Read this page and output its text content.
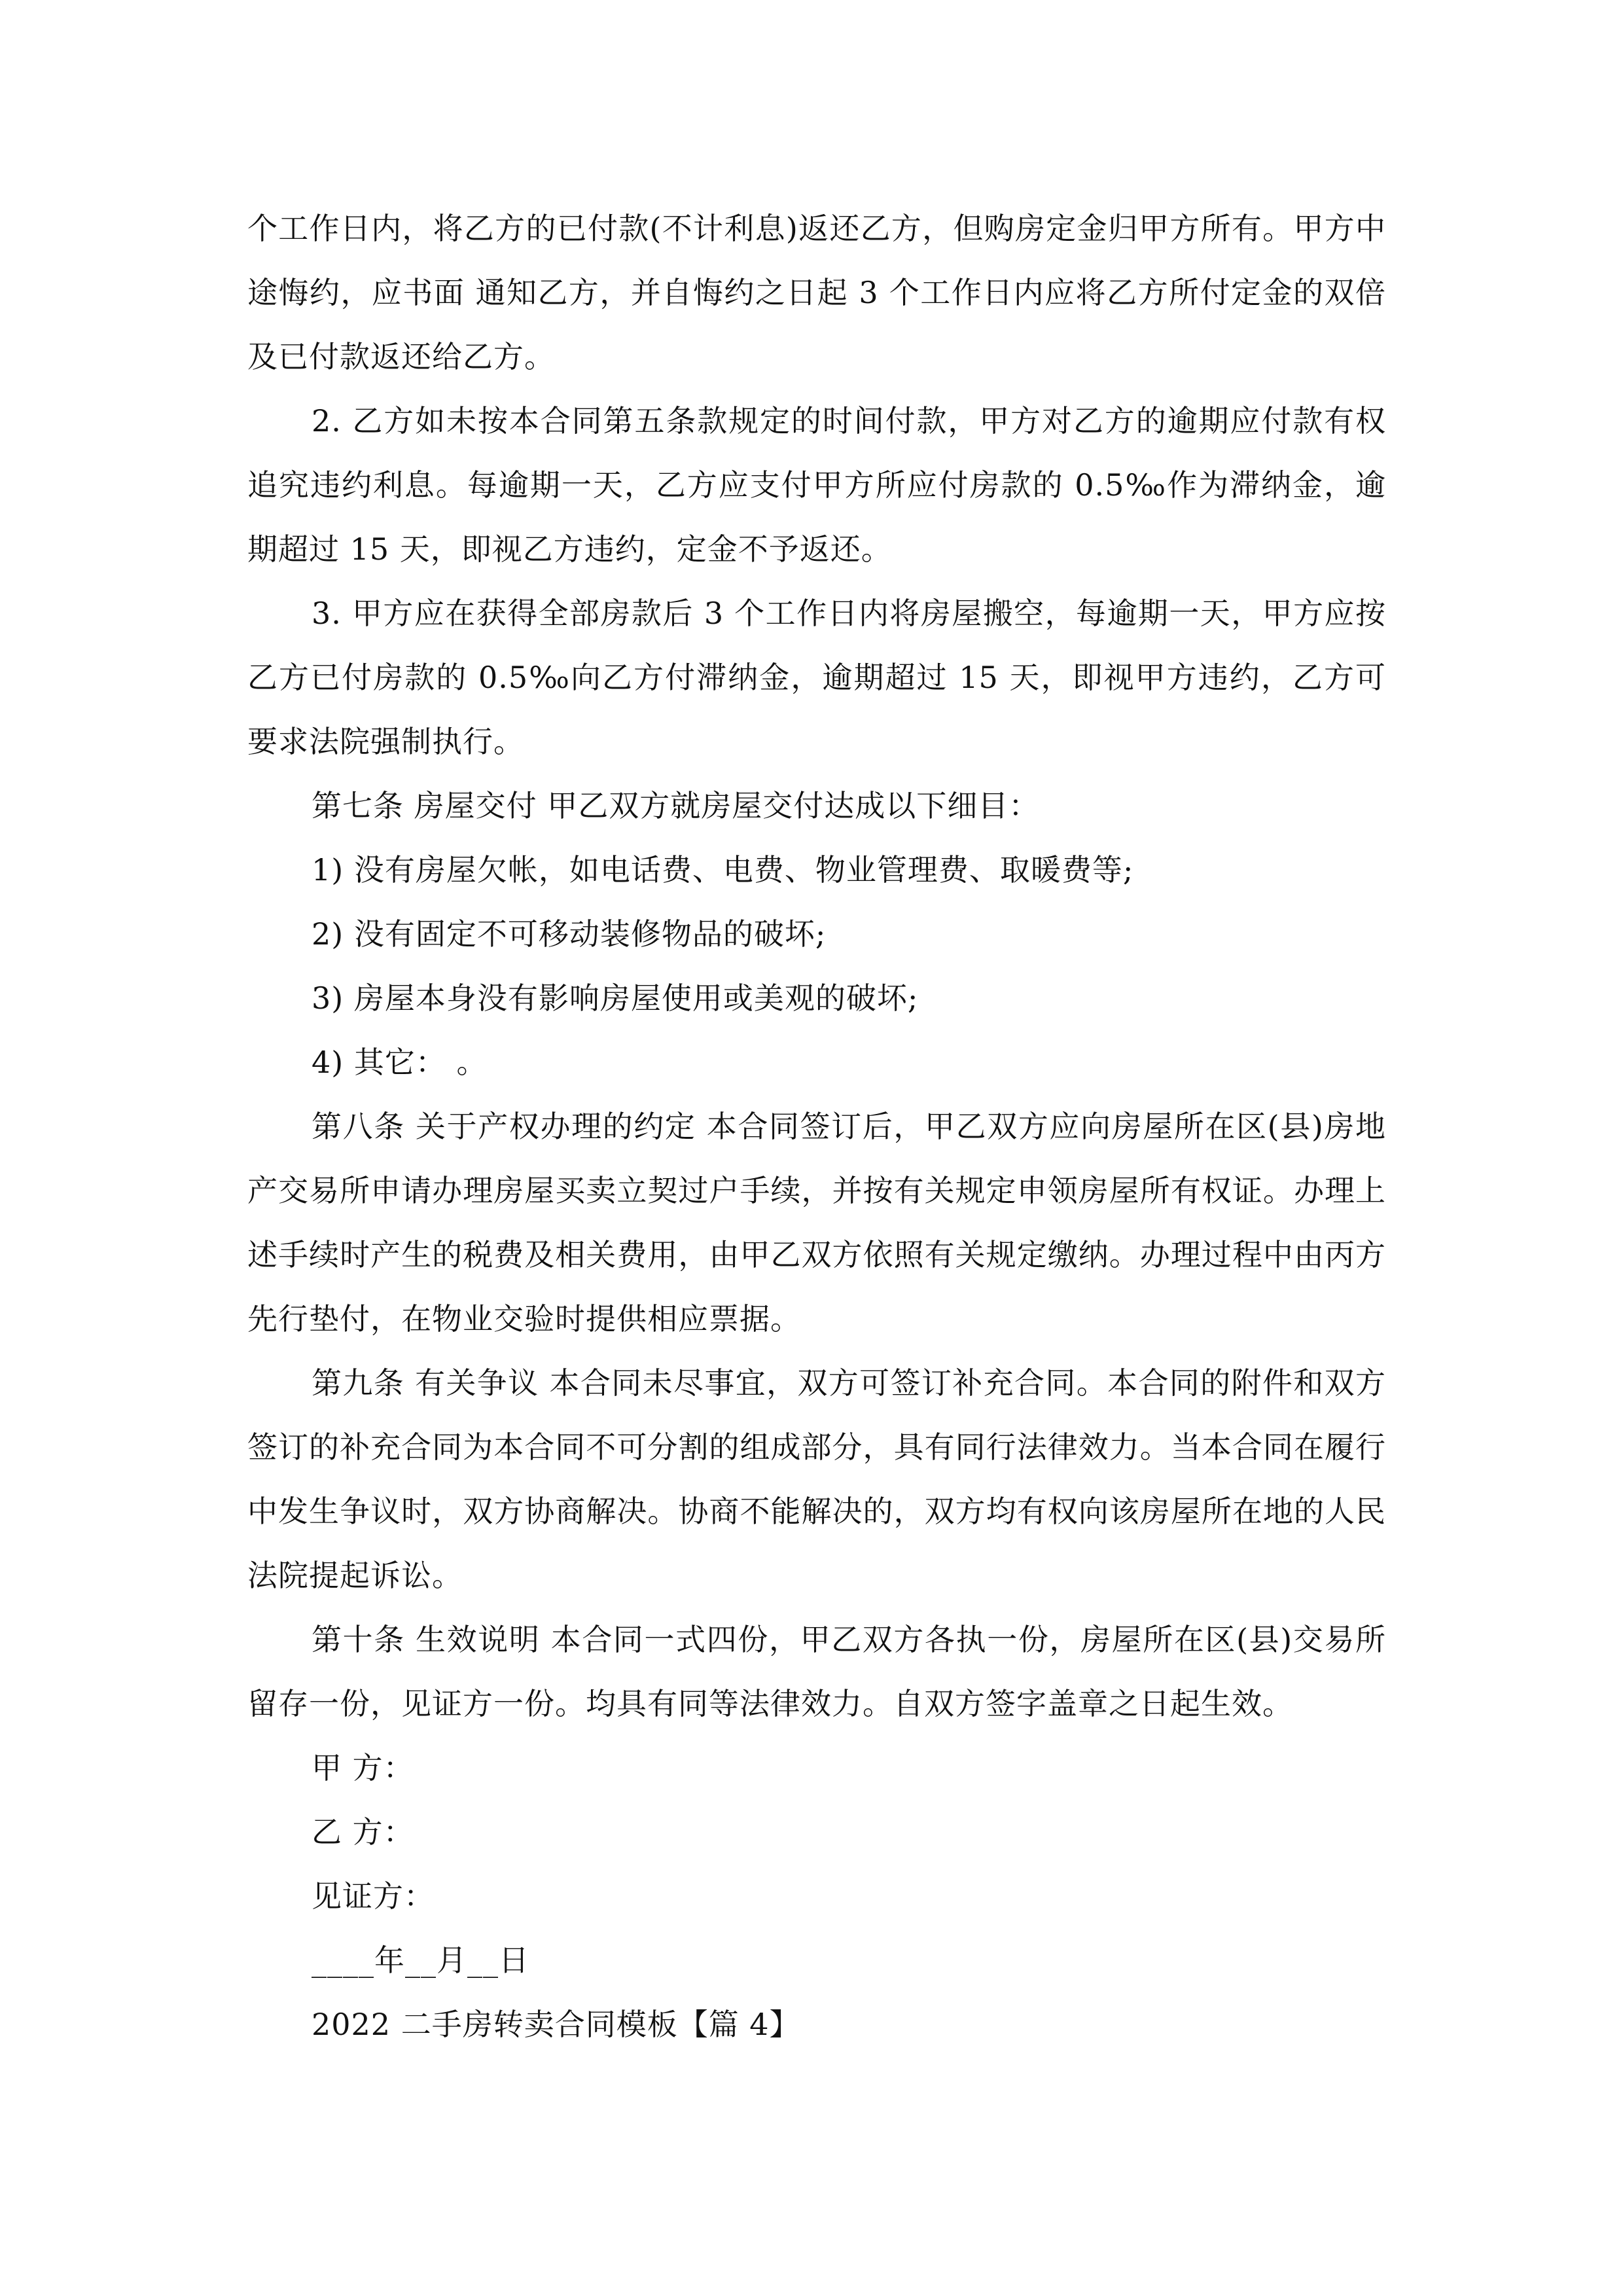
个工作日内，将乙方的已付款(不计利息)返还乙方，但购房定金归甲方所有。甲方中途悔约，应书面 通知乙方，并自悔约之日起 3 个工作日内应将乙方所付定金的双倍及已付款返还给乙方。

2. 乙方如未按本合同第五条款规定的时间付款，甲方对乙方的逾期应付款有权追究违约利息。每逾期一天，乙方应支付甲方所应付房款的 0.5‰作为滞纳金，逾期超过 15 天，即视乙方违约，定金不予返还。

3. 甲方应在获得全部房款后 3 个工作日内将房屋搬空，每逾期一天，甲方应按乙方已付房款的 0.5‰向乙方付滞纳金，逾期超过 15 天，即视甲方违约，乙方可要求法院强制执行。

第七条 房屋交付 甲乙双方就房屋交付达成以下细目：

1) 没有房屋欠帐，如电话费、电费、物业管理费、取暖费等;

2) 没有固定不可移动装修物品的破坏;

3) 房屋本身没有影响房屋使用或美观的破坏;

4) 其它： 。

第八条 关于产权办理的约定 本合同签订后，甲乙双方应向房屋所在区(县)房地产交易所申请办理房屋买卖立契过户手续，并按有关规定申领房屋所有权证。办理上述手续时产生的税费及相关费用，由甲乙双方依照有关规定缴纳。办理过程中由丙方先行垫付，在物业交验时提供相应票据。

第九条 有关争议 本合同未尽事宜，双方可签订补充合同。本合同的附件和双方签订的补充合同为本合同不可分割的组成部分，具有同行法律效力。当本合同在履行中发生争议时，双方协商解决。协商不能解决的，双方均有权向该房屋所在地的人民法院提起诉讼。

第十条 生效说明 本合同一式四份，甲乙双方各执一份，房屋所在区(县)交易所留存一份，见证方一份。均具有同等法律效力。自双方签字盖章之日起生效。

甲 方：

乙 方：

见证方：

____年__月__日

2022 二手房转卖合同模板【篇 4】
